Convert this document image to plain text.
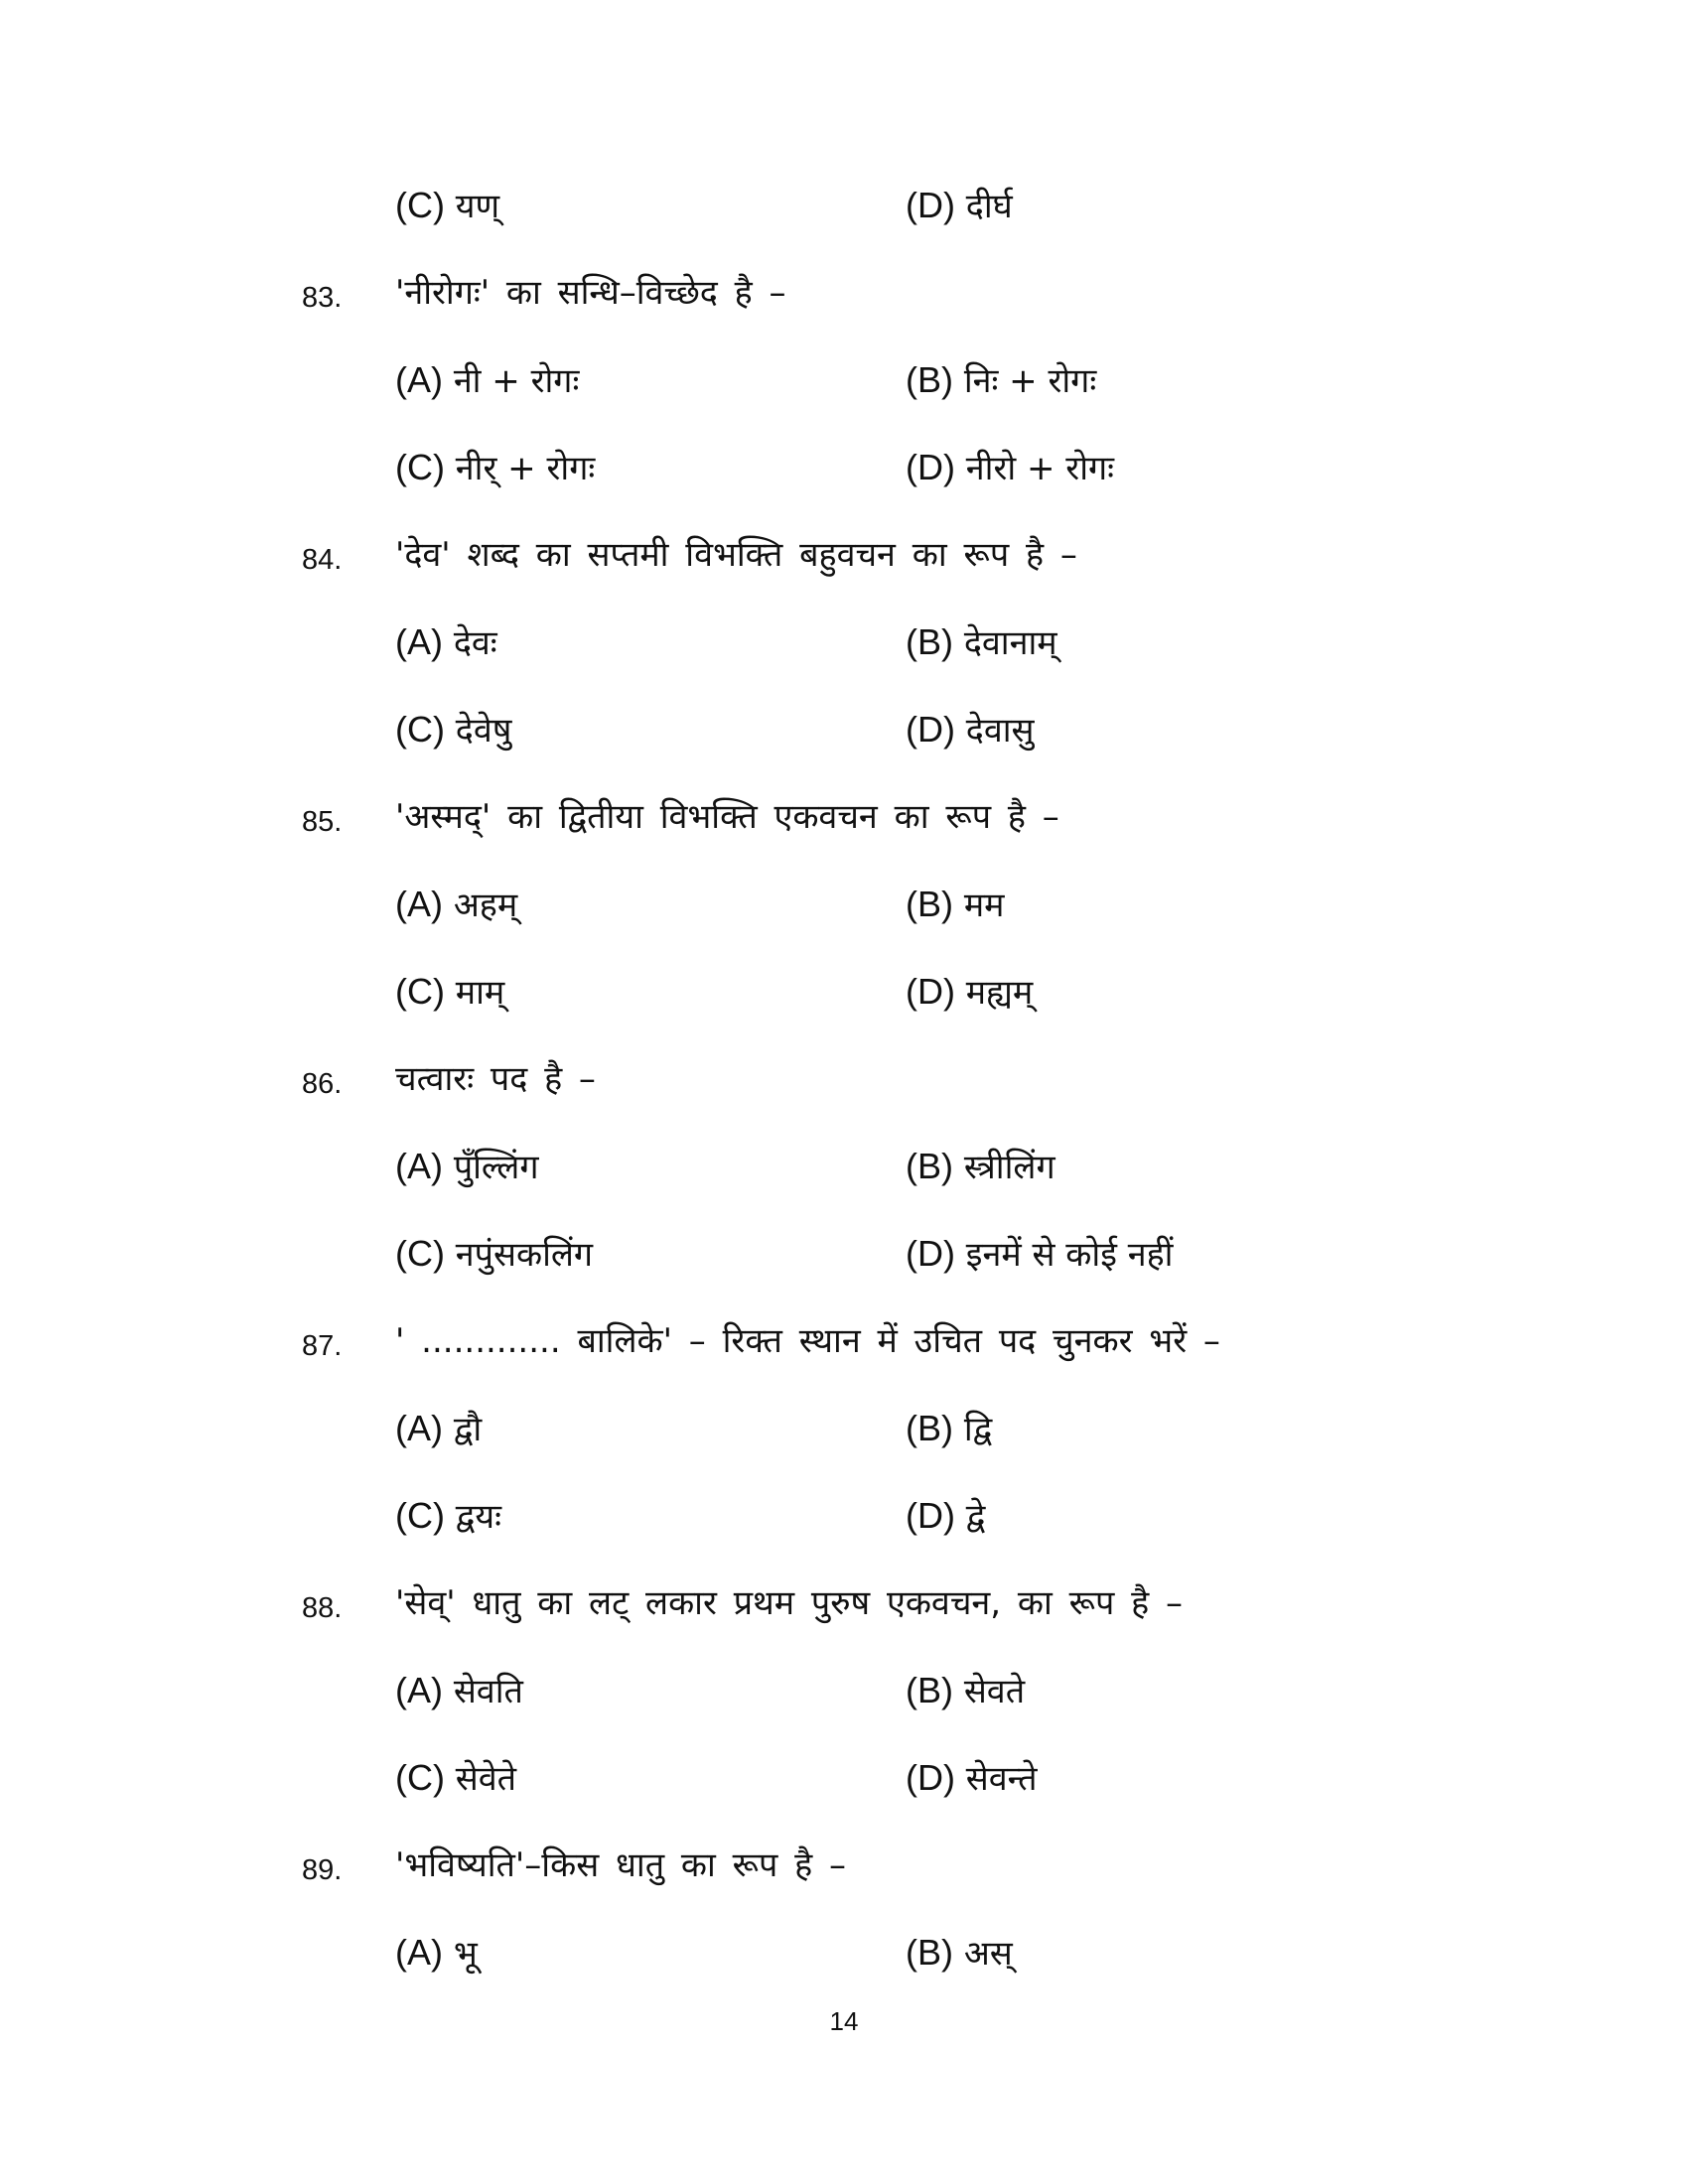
(C) यण्	(D) दीर्घ
83. 'नीरोगः' का सन्धि–विच्छेद है –
(A) नी + रोगः	(B) निः + रोगः
(C) नीर् + रोगः	(D) नीरो + रोगः
84. 'देव' शब्द का सप्तमी विभक्ति बहुवचन का रूप है –
(A) देवः	(B) देवानाम्
(C) देवेषु	(D) देवासु
85. 'अस्मद्' का द्वितीया विभक्ति एकवचन का रूप है –
(A) अहम्	(B) मम
(C) माम्	(D) मह्यम्
86. चत्वारः पद है –
(A) पुँल्लिंग	(B) स्त्रीलिंग
(C) नपुंसकलिंग	(D) इनमें से कोई नहीं
87. ' ............. बालिके' – रिक्त स्थान में उचित पद चुनकर भरें –
(A) द्वौ	(B) द्वि
(C) द्वयः	(D) द्वे
88. 'सेव्' धातु का लट् लकार प्रथम पुरुष एकवचन, का रूप है –
(A) सेवति	(B) सेवते
(C) सेवेते	(D) सेवन्ते
89. 'भविष्यति'–किस धातु का रूप है –
(A) भू	(B) अस्
14
